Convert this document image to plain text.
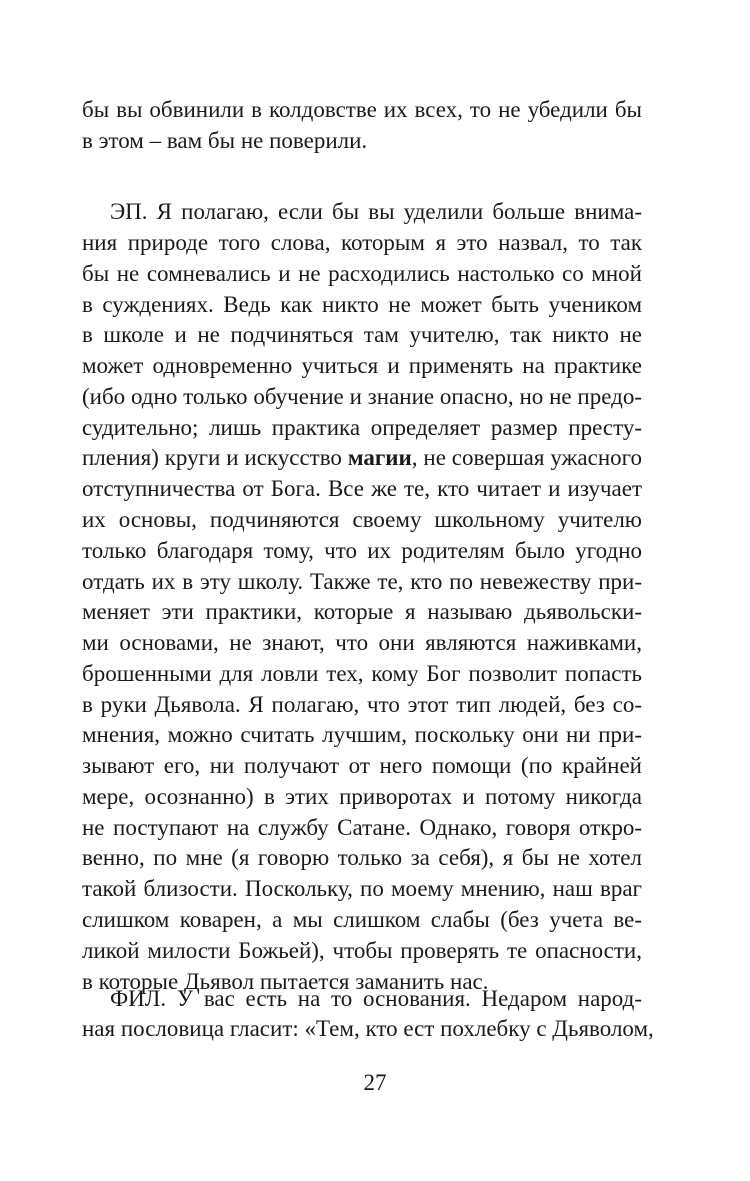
бы вы обвинили в колдовстве их всех, то не убедили бы
в этом – вам бы не поверили.
ЭП. Я полагаю, если бы вы уделили больше внима-
ния природе того слова, которым я это назвал, то так
бы не сомневались и не расходились настолько со мной
в суждениях. Ведь как никто не может быть учеником
в школе и не подчиняться там учителю, так никто не
может одновременно учиться и применять на практике
(ибо одно только обучение и знание опасно, но не предо-
судительно; лишь практика определяет размер престу-
пления) круги и искусство магии, не совершая ужасного
отступничества от Бога. Все же те, кто читает и изучает
их основы, подчиняются своему школьному учителю
только благодаря тому, что их родителям было угодно
отдать их в эту школу. Также те, кто по невежеству при-
меняет эти практики, которые я называю дьявольски-
ми основами, не знают, что они являются наживками,
брошенными для ловли тех, кому Бог позволит попасть
в руки Дьявола. Я полагаю, что этот тип людей, без со-
мнения, можно считать лучшим, поскольку они ни при-
зывают его, ни получают от него помощи (по крайней
мере, осознанно) в этих приворотах и потому никогда
не поступают на службу Сатане. Однако, говоря откро-
венно, по мне (я говорю только за себя), я бы не хотел
такой близости. Поскольку, по моему мнению, наш враг
слишком коварен, а мы слишком слабы (без учета ве-
ликой милости Божьей), чтобы проверять те опасности,
в которые Дьявол пытается заманить нас.
ФИЛ. У вас есть на то основания. Недаром народ-
ная пословица гласит: «Тем, кто ест похлебку с Дьяволом,
27
